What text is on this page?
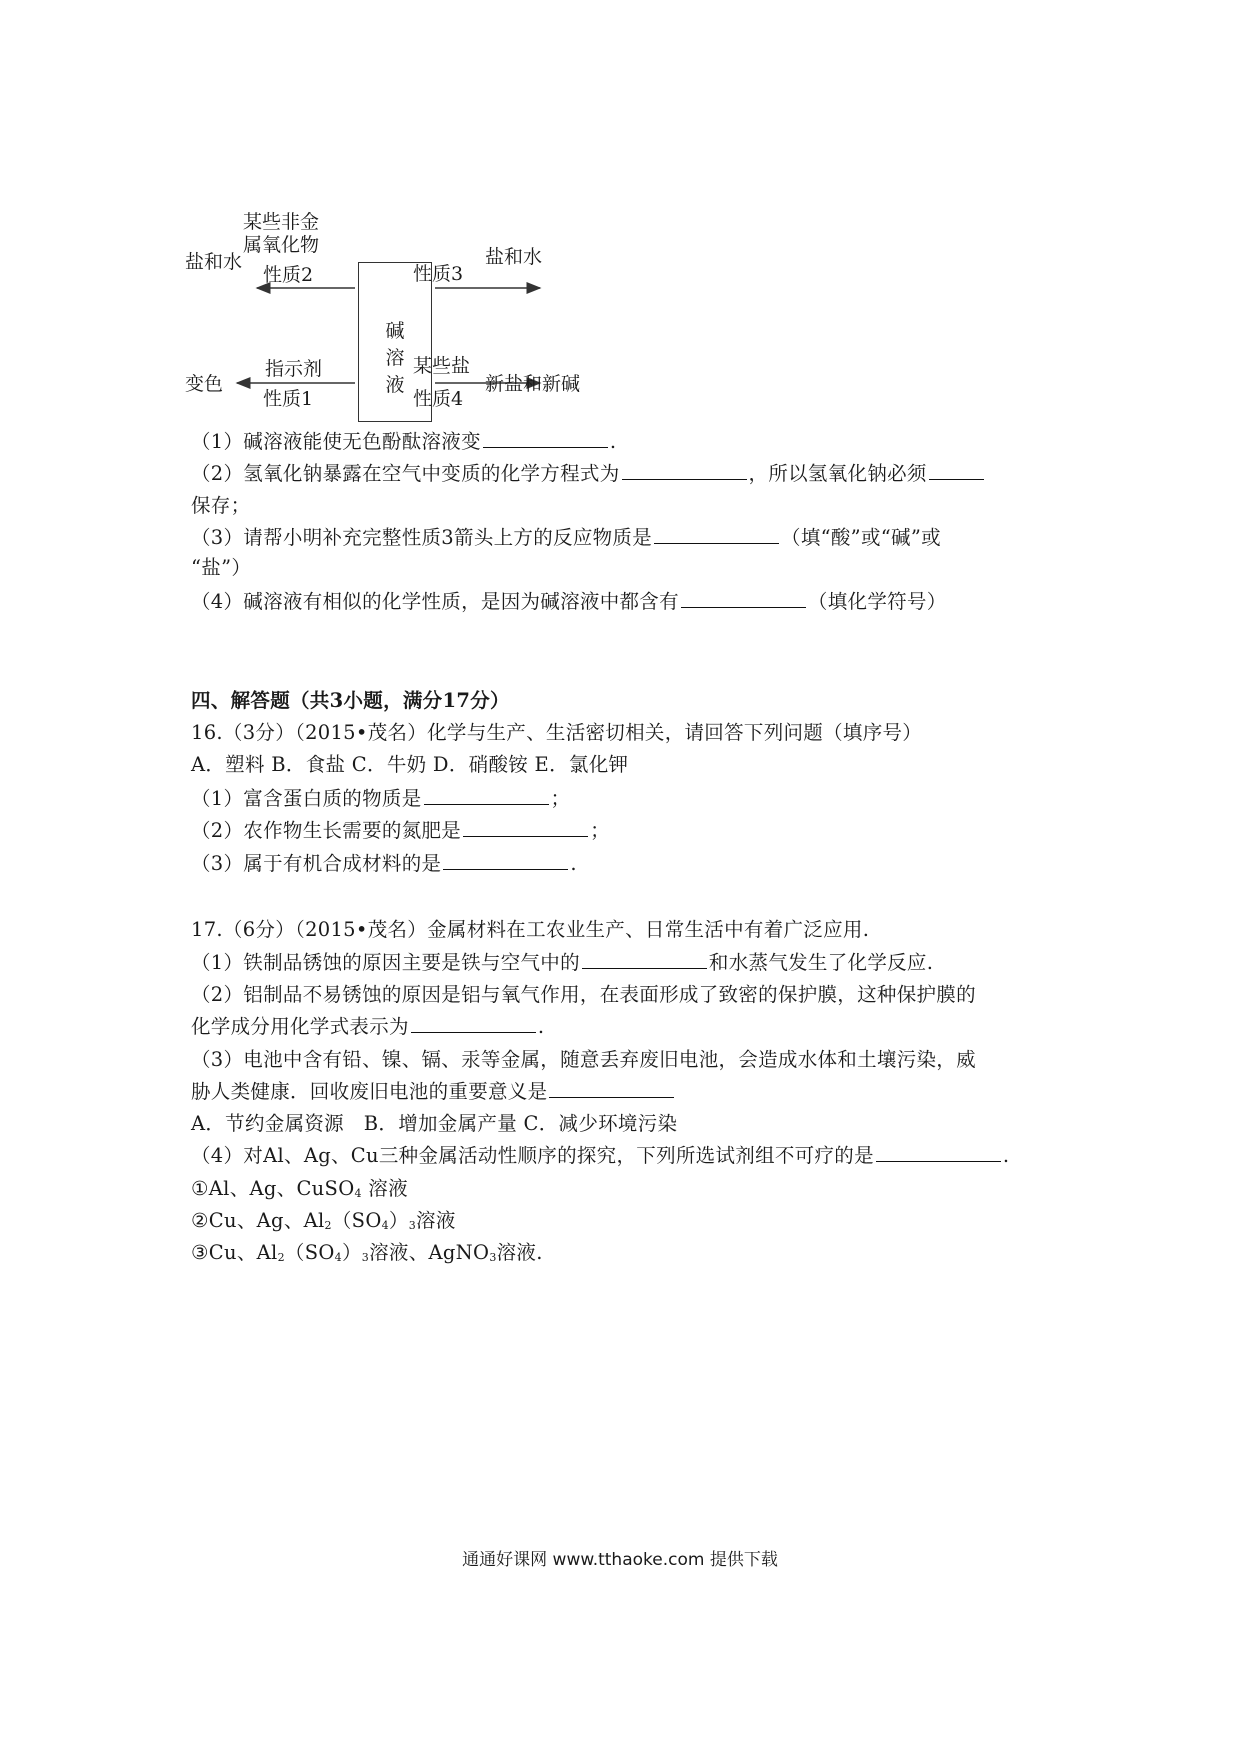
碱
溶
液
某些非金
属氧化物
性质2
盐和水
性质3
盐和水
指示剂
性质1
变色
某些盐
性质4
新盐和新碱
（1）碱溶液能使无色酚酞溶液变	.
（2）氢氧化钠暴露在空气中变质的化学方程式为	，所以氢氧化钠必须
保存；
（3）请帮小明补充完整性质3箭头上方的反应物质是	（填“酸”或“碱”或
“盐”）
（4）碱溶液有相似的化学性质，是因为碱溶液中都含有	（填化学符号）
四、解答题（共3小题，满分17分）
16.（3分）（2015•茂名）化学与生产、生活密切相关，请回答下列问题（填序号）
A．塑料 B．食盐 C．牛奶 D．硝酸铵 E．氯化钾
（1）富含蛋白质的物质是	；
（2）农作物生长需要的氮肥是	；
（3）属于有机合成材料的是	.
17.（6分）（2015•茂名）金属材料在工农业生产、日常生活中有着广泛应用.
（1）铁制品锈蚀的原因主要是铁与空气中的	和水蒸气发生了化学反应.
（2）铝制品不易锈蚀的原因是铝与氧气作用，在表面形成了致密的保护膜，这种保护膜的
化学成分用化学式表示为	.
（3）电池中含有铅、镍、镉、汞等金属，随意丢弃废旧电池，会造成水体和土壤污染，威
胁人类健康．回收废旧电池的重要意义是
A．节约金属资源　B．增加金属产量 C．减少环境污染
（4）对Al、Ag、Cu三种金属活动性顺序的探究，下列所选试剂组不可疗的是	.
①Al、Ag、CuSO$_4$ 溶液
②Cu、Ag、$Al_2(SO_4)_3$溶液
③Cu、$Al_2(SO_4)_3$溶液、AgNO$_3$溶液.
通通好课网 www.tthaoke.com 提供下载
